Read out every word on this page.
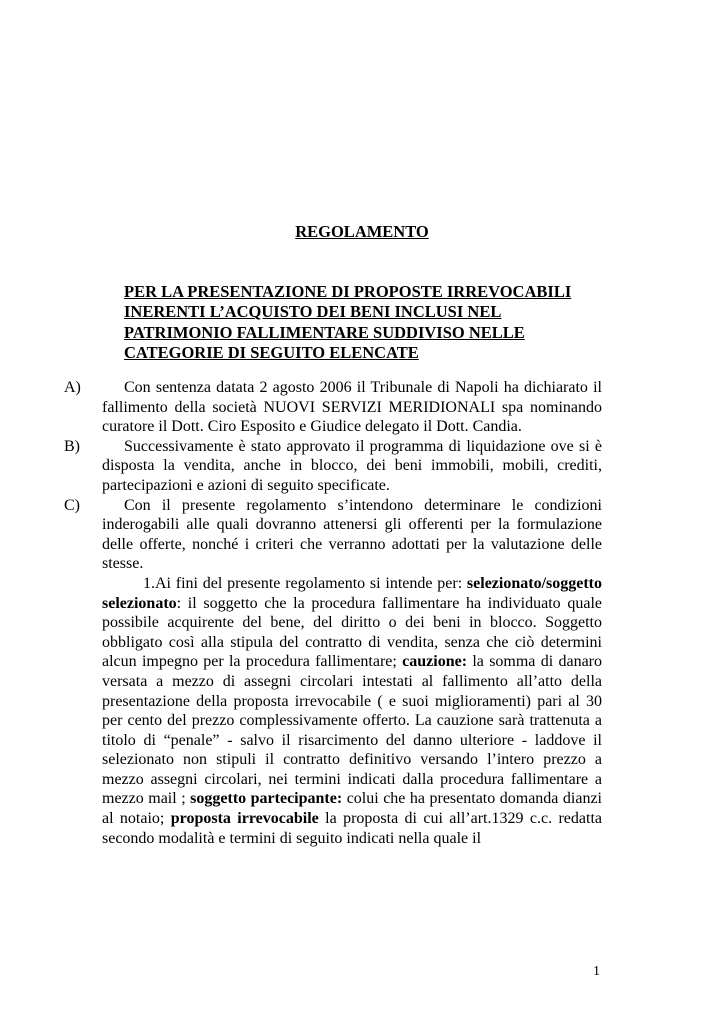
REGOLAMENTO

PER LA PRESENTAZIONE DI PROPOSTE IRREVOCABILI
INERENTI L’ACQUISTO DEI BENI INCLUSI NEL
PATRIMONIO FALLIMENTARE SUDDIVISO NELLE
CATEGORIE DI SEGUITO ELENCATE

A)	Con sentenza datata 2 agosto 2006 il Tribunale di Napoli ha dichiarato il fallimento della società NUOVI SERVIZI MERIDIONALI spa nominando curatore il Dott. Ciro Esposito e Giudice delegato il Dott. Candia.
B)	Successivamente è stato approvato il programma di liquidazione ove si è disposta la vendita, anche in blocco, dei beni immobili, mobili, crediti, partecipazioni e azioni di seguito specificate.
C)	Con il presente regolamento s’intendono determinare le condizioni inderogabili alle quali dovranno attenersi gli offerenti per la formulazione delle offerte, nonché i criteri che verranno adottati per la valutazione delle stesse.

1.Ai fini del presente regolamento si intende per: selezionato/soggetto selezionato: il soggetto che la procedura fallimentare ha individuato quale possibile acquirente del bene, del diritto o dei beni in blocco. Soggetto obbligato così alla stipula del contratto di vendita, senza che ciò determini alcun impegno per la procedura fallimentare; cauzione: la somma di danaro versata a mezzo di assegni circolari intestati al fallimento all’atto della presentazione della proposta irrevocabile ( e suoi miglioramenti) pari al 30 per cento del prezzo complessivamente offerto. La cauzione sarà trattenuta a titolo di “penale” - salvo il risarcimento del danno ulteriore - laddove il selezionato non stipuli il contratto definitivo versando l’intero prezzo a mezzo assegni circolari, nei termini indicati dalla procedura fallimentare a mezzo mail ; soggetto partecipante: colui che ha presentato domanda dianzi al notaio; proposta irrevocabile la proposta di cui all’art.1329 c.c. redatta secondo modalità e termini di seguito indicati nella quale il

1
